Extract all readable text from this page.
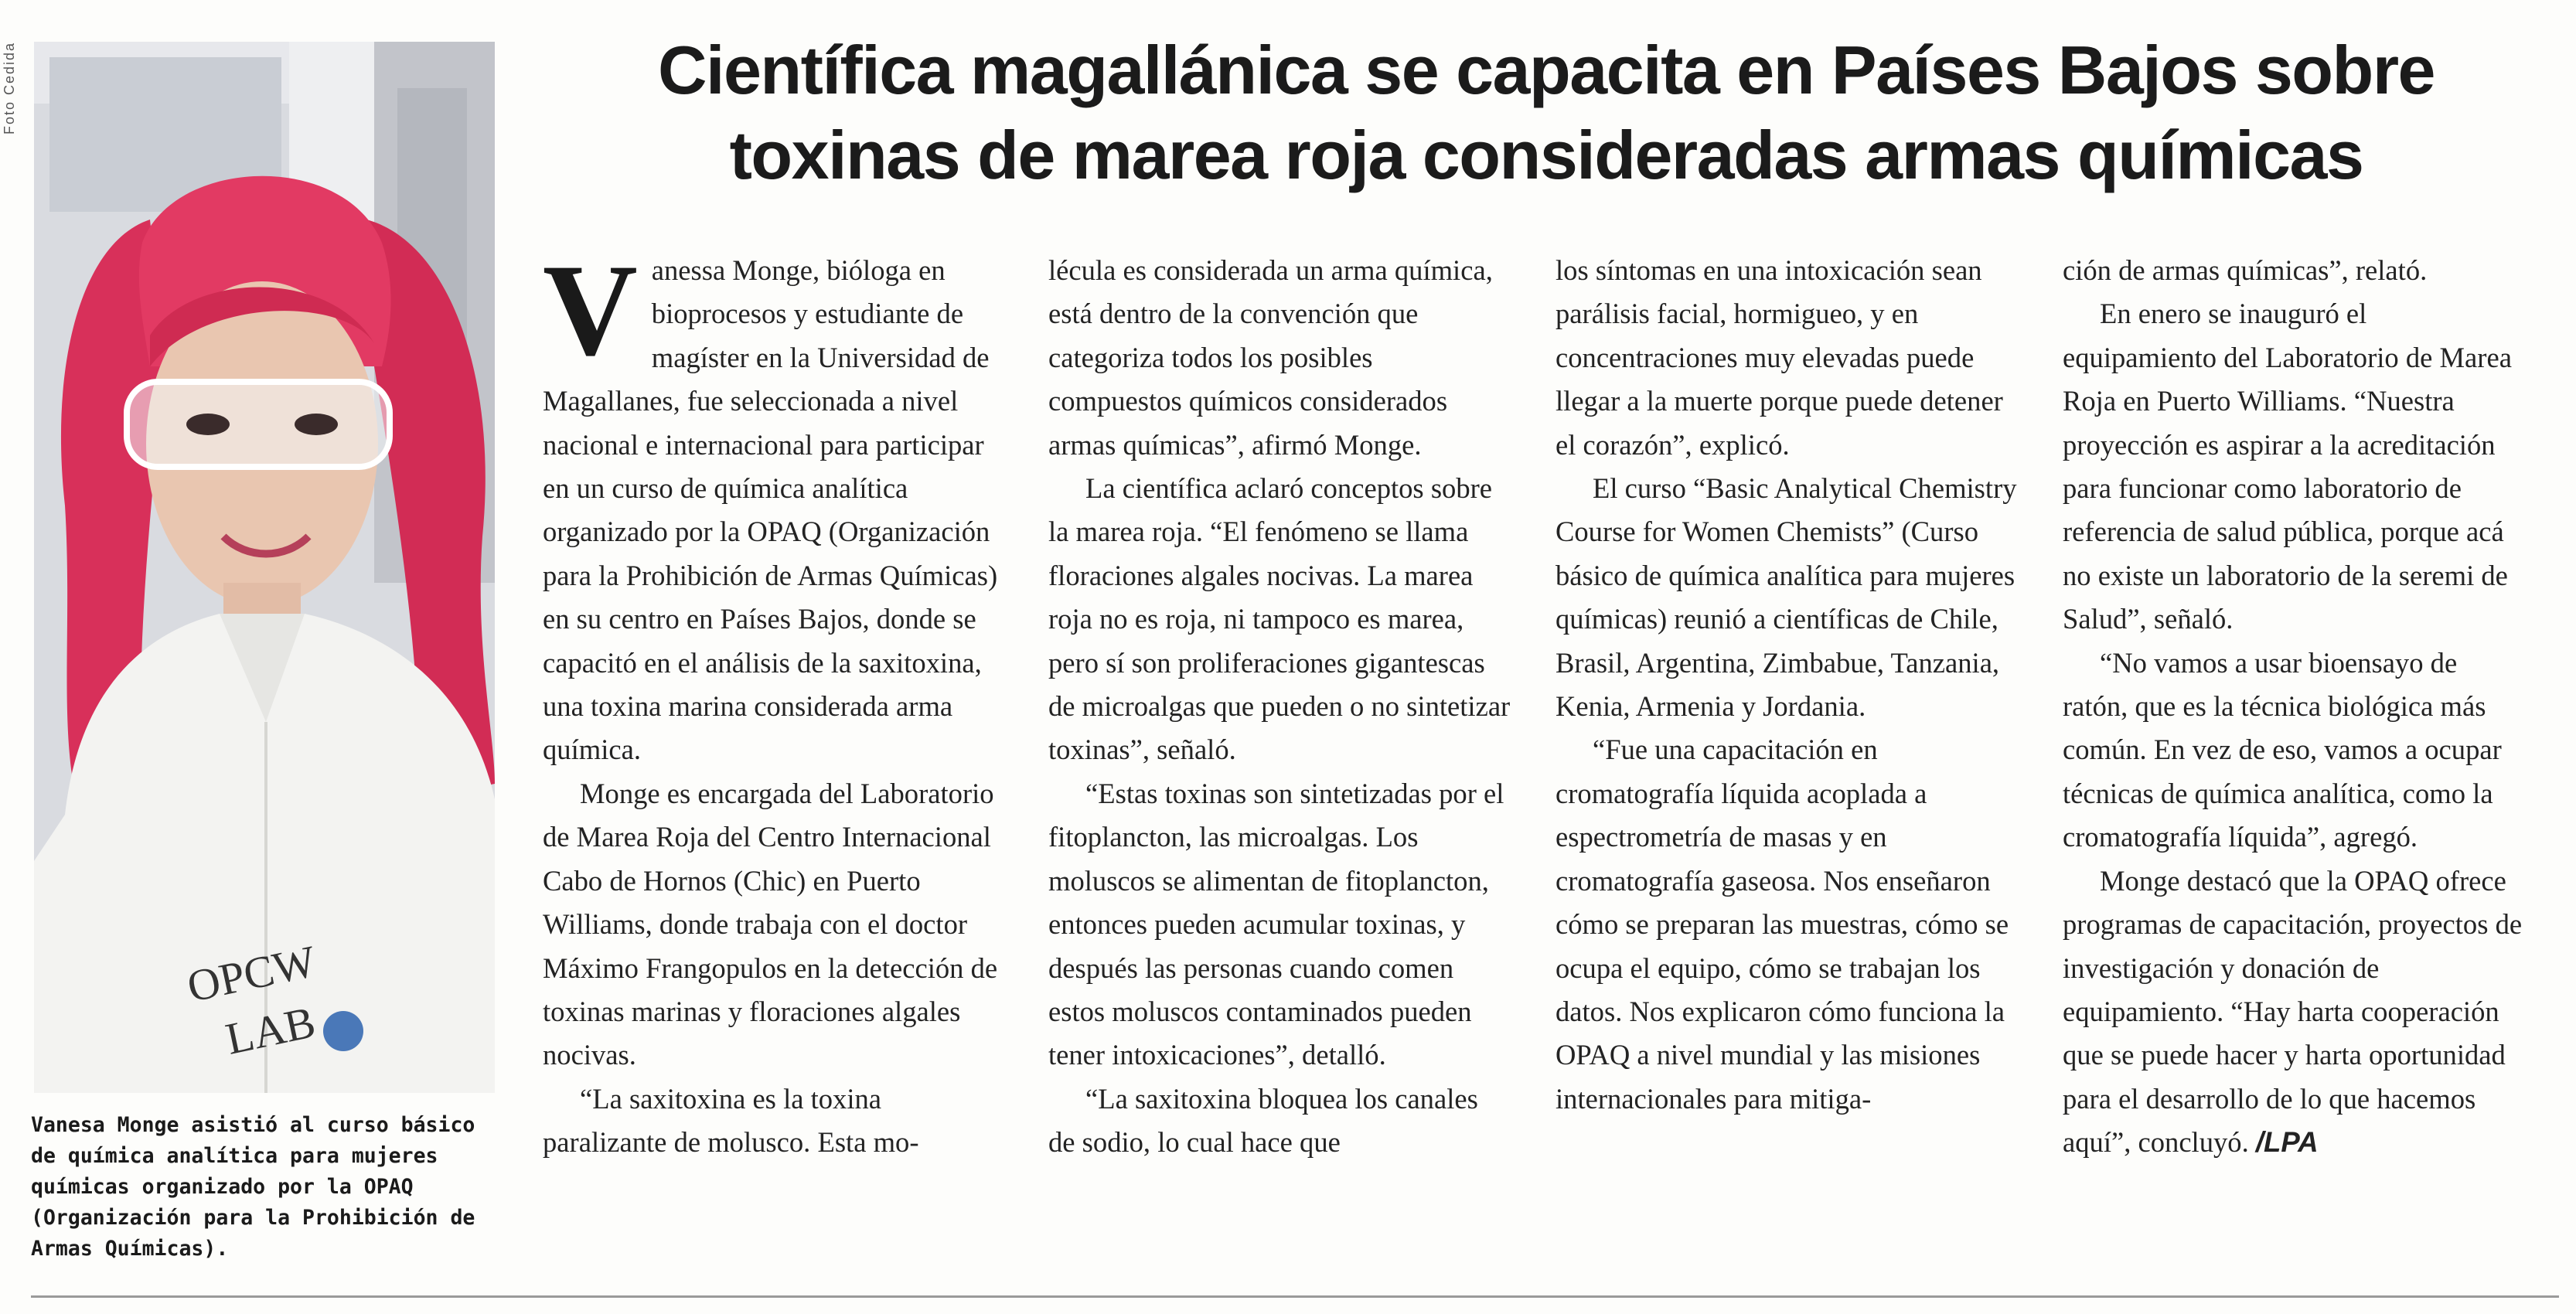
Foto Cedida
OPCW
LAB

Vanesa Monge asistió al curso básico de química analítica para mujeres químicas organizado por la OPAQ (Organización para la Prohibición de Armas Químicas).

Científica magallánica se capacita en Países Bajos sobre
toxinas de marea roja consideradas armas químicas
V anessa Monge, bióloga en bioprocesos y estudiante de magíster en la Universidad de Magallanes, fue seleccionada a nivel nacional e internacional para participar en un curso de química analítica organizado por la OPAQ (Organización para la Prohibición de Armas Químicas) en su centro en Países Bajos, donde se capacitó en el análisis de la saxitoxina, una toxina marina considerada arma química.

Monge es encargada del Laboratorio de Marea Roja del Centro Internacional Cabo de Hornos (Chic) en Puerto Williams, donde trabaja con el doctor Máximo Frangopulos en la detección de toxinas marinas y floraciones algales nocivas.

“La saxitoxina es la toxina paralizante de molusco. Esta mo-

lécula es considerada un arma química, está dentro de la convención que categoriza todos los posibles compuestos químicos considerados armas químicas”, afirmó Monge.

La científica aclaró conceptos sobre la marea roja. “El fenómeno se llama floraciones algales nocivas. La marea roja no es roja, ni tampoco es marea, pero sí son proliferaciones gigantescas de microalgas que pueden o no sintetizar toxinas”, señaló.

“Estas toxinas son sintetizadas por el fitoplancton, las microalgas. Los moluscos se alimentan de fitoplancton, entonces pueden acumular toxinas, y después las personas cuando comen estos moluscos contaminados pueden tener intoxicaciones”, detalló.

“La saxitoxina bloquea los canales de sodio, lo cual hace que

los síntomas en una intoxicación sean parálisis facial, hormigueo, y en concentraciones muy elevadas puede llegar a la muerte porque puede detener el corazón”, explicó.

El curso “Basic Analytical Chemistry Course for Women Chemists” (Curso básico de química analítica para mujeres químicas) reunió a científicas de Chile, Brasil, Argentina, Zimbabue, Tanzania, Kenia, Armenia y Jordania.

“Fue una capacitación en cromatografía líquida acoplada a espectrometría de masas y en cromatografía gaseosa. Nos enseñaron cómo se preparan las muestras, cómo se ocupa el equipo, cómo se trabajan los datos. Nos explicaron cómo funciona la OPAQ a nivel mundial y las misiones internacionales para mitiga-

ción de armas químicas”, relató.

En enero se inauguró el equipamiento del Laboratorio de Marea Roja en Puerto Williams. “Nuestra proyección es aspirar a la acreditación para funcionar como laboratorio de referencia de salud pública, porque acá no existe un laboratorio de la seremi de Salud”, señaló.

“No vamos a usar bioensayo de ratón, que es la técnica biológica más común. En vez de eso, vamos a ocupar técnicas de química analítica, como la cromatografía líquida”, agregó.

Monge destacó que la OPAQ ofrece programas de capacitación, proyectos de investigación y donación de equipamiento. “Hay harta cooperación que se puede hacer y harta oportunidad para el desarrollo de lo que hacemos aquí”, concluyó. /LPA
